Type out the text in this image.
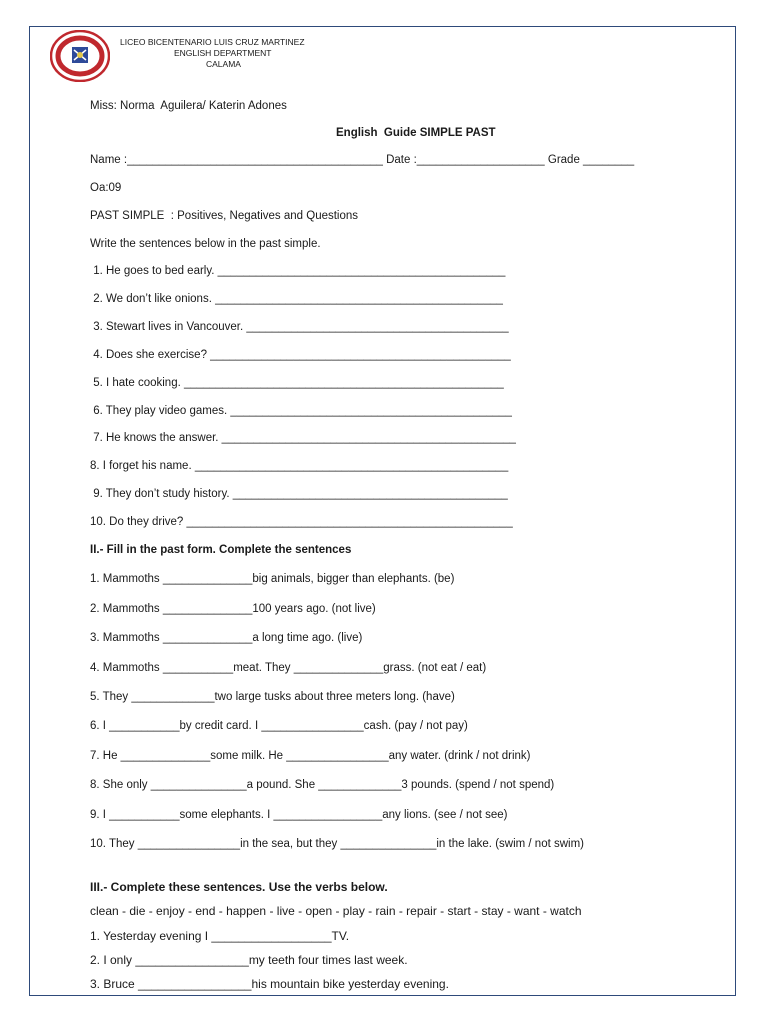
LICEO BICENTENARIO LUIS CRUZ MARTINEZ
ENGLISH DEPARTMENT
CALAMA
Miss: Norma  Aguilera/ Katerin Adones
English  Guide SIMPLE PAST
Name :________________________________________ Date :____________________ Grade ________
Oa:09
PAST SIMPLE  : Positives, Negatives and Questions
Write the sentences below in the past simple.
1. He goes to bed early. _____________________________________________
2. We don’t like onions. _____________________________________________
3. Stewart lives in Vancouver. _________________________________________
4. Does she exercise? _______________________________________________
5. I hate cooking. __________________________________________________
6. They play video games. ____________________________________________
7. He knows the answer. ______________________________________________
8. I forget his name. _________________________________________________
9. They don’t study history. ___________________________________________
10. Do they drive? ___________________________________________________
II.- Fill in the past form. Complete the sentences
1. Mammoths ______________big animals, bigger than elephants. (be)
2. Mammoths ______________100 years ago. (not live)
3. Mammoths ______________a long time ago. (live)
4. Mammoths ___________meat. They ______________grass. (not eat / eat)
5. They _____________two large tusks about three meters long. (have)
6. I ___________by credit card. I ________________cash. (pay / not pay)
7. He ______________some milk. He ________________any water. (drink / not drink)
8. She only _______________a pound. She _____________3 pounds. (spend / not spend)
9. I ___________some elephants. I _________________any lions. (see / not see)
10. They ________________in the sea, but they _______________in the lake. (swim / not swim)
III.- Complete these sentences. Use the verbs below.
clean - die - enjoy - end - happen - live - open - play - rain - repair - start - stay - want - watch
1. Yesterday evening I __________________TV.
2. I only _________________my teeth four times last week.
3. Bruce _________________his mountain bike yesterday evening.
